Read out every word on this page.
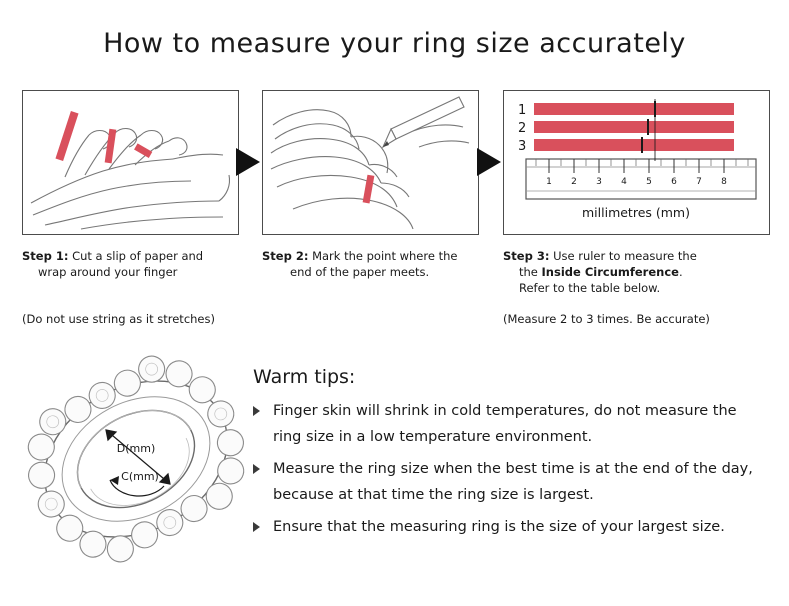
How to measure your ring size accurately
1
2
3
1 2 3 4 5 6 7 8
millimetres (mm)
Step 1: Cut a slip of paper and
wrap around your finger
Step 2: Mark the point where the
end of the paper meets.
Step 3: Use ruler to measure the
the Inside Circumference.
Refer to the table below.
(Do not use string as it stretches)	(Measure 2 to 3 times. Be accurate)
D(mm)
C(mm)
Warm tips:
Finger skin will shrink in cold temperatures, do not measure the ring size in a low temperature environment.
Measure the ring size when the best time is at the end of the day, because at that time the ring size is largest.
Ensure that the measuring ring is the size of your largest size.
